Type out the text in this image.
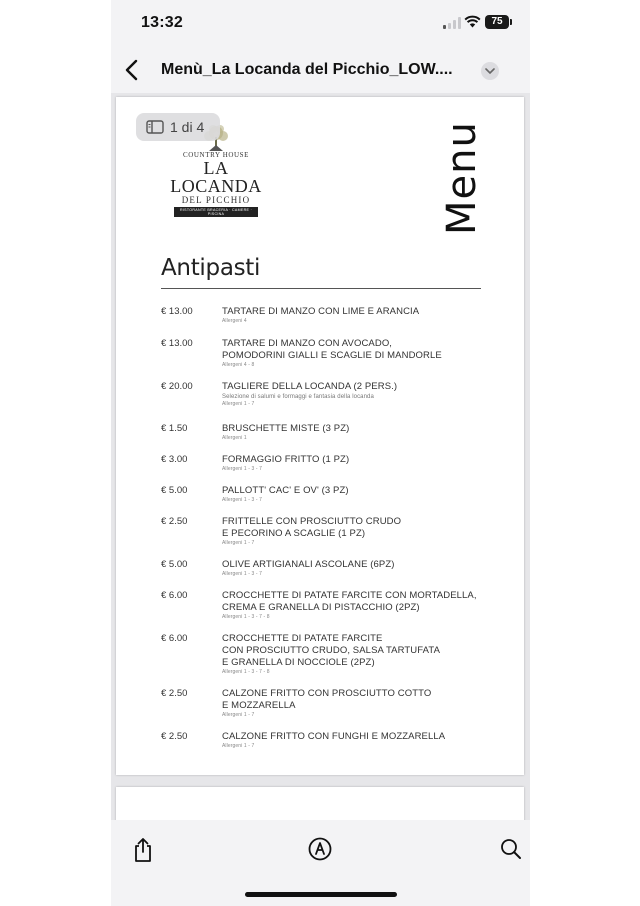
13:32	75
Menù_La Locanda del Picchio_LOW....
COUNTRY HOUSE
LA LOCANDA
DEL PICCHIO
RISTORANTE BRACERIA · CAMERE · PISCINA
1 di 4	Menu
Antipasti
€ 13.00	TARTARE DI MANZO CON LIME E ARANCIA
Allergeni 4
€ 13.00	TARTARE DI MANZO CON AVOCADO,
POMODORINI GIALLI E SCAGLIE DI MANDORLE
Allergeni 4 - 8
€ 20.00	TAGLIERE DELLA LOCANDA (2 PERS.)
Selezione di salumi e formaggi e fantasia della locanda
Allergeni 1 - 7
€ 1.50	BRUSCHETTE MISTE (3 PZ)
Allergeni 1
€ 3.00	FORMAGGIO FRITTO (1 PZ)
Allergeni 1 - 3 - 7
€ 5.00	PALLOTT' CAC' E OV' (3 PZ)
Allergeni 1 - 3 - 7
€ 2.50	FRITTELLE CON PROSCIUTTO CRUDO
E PECORINO A SCAGLIE (1 PZ)
Allergeni 1 - 7
€ 5.00	OLIVE ARTIGIANALI ASCOLANE (6PZ)
Allergeni 1 - 3 - 7
€ 6.00	CROCCHETTE DI PATATE FARCITE CON MORTADELLA,
CREMA E GRANELLA DI PISTACCHIO (2PZ)
Allergeni 1 - 3 - 7 - 8
€ 6.00	CROCCHETTE DI PATATE FARCITE
CON PROSCIUTTO CRUDO, SALSA TARTUFATA
E GRANELLA DI NOCCIOLE (2PZ)
Allergeni 1 - 3 - 7 - 8
€ 2.50	CALZONE FRITTO CON PROSCIUTTO COTTO
E MOZZARELLA
Allergeni 1 - 7
€ 2.50	CALZONE FRITTO CON FUNGHI E MOZZARELLA
Allergeni 1 - 7
